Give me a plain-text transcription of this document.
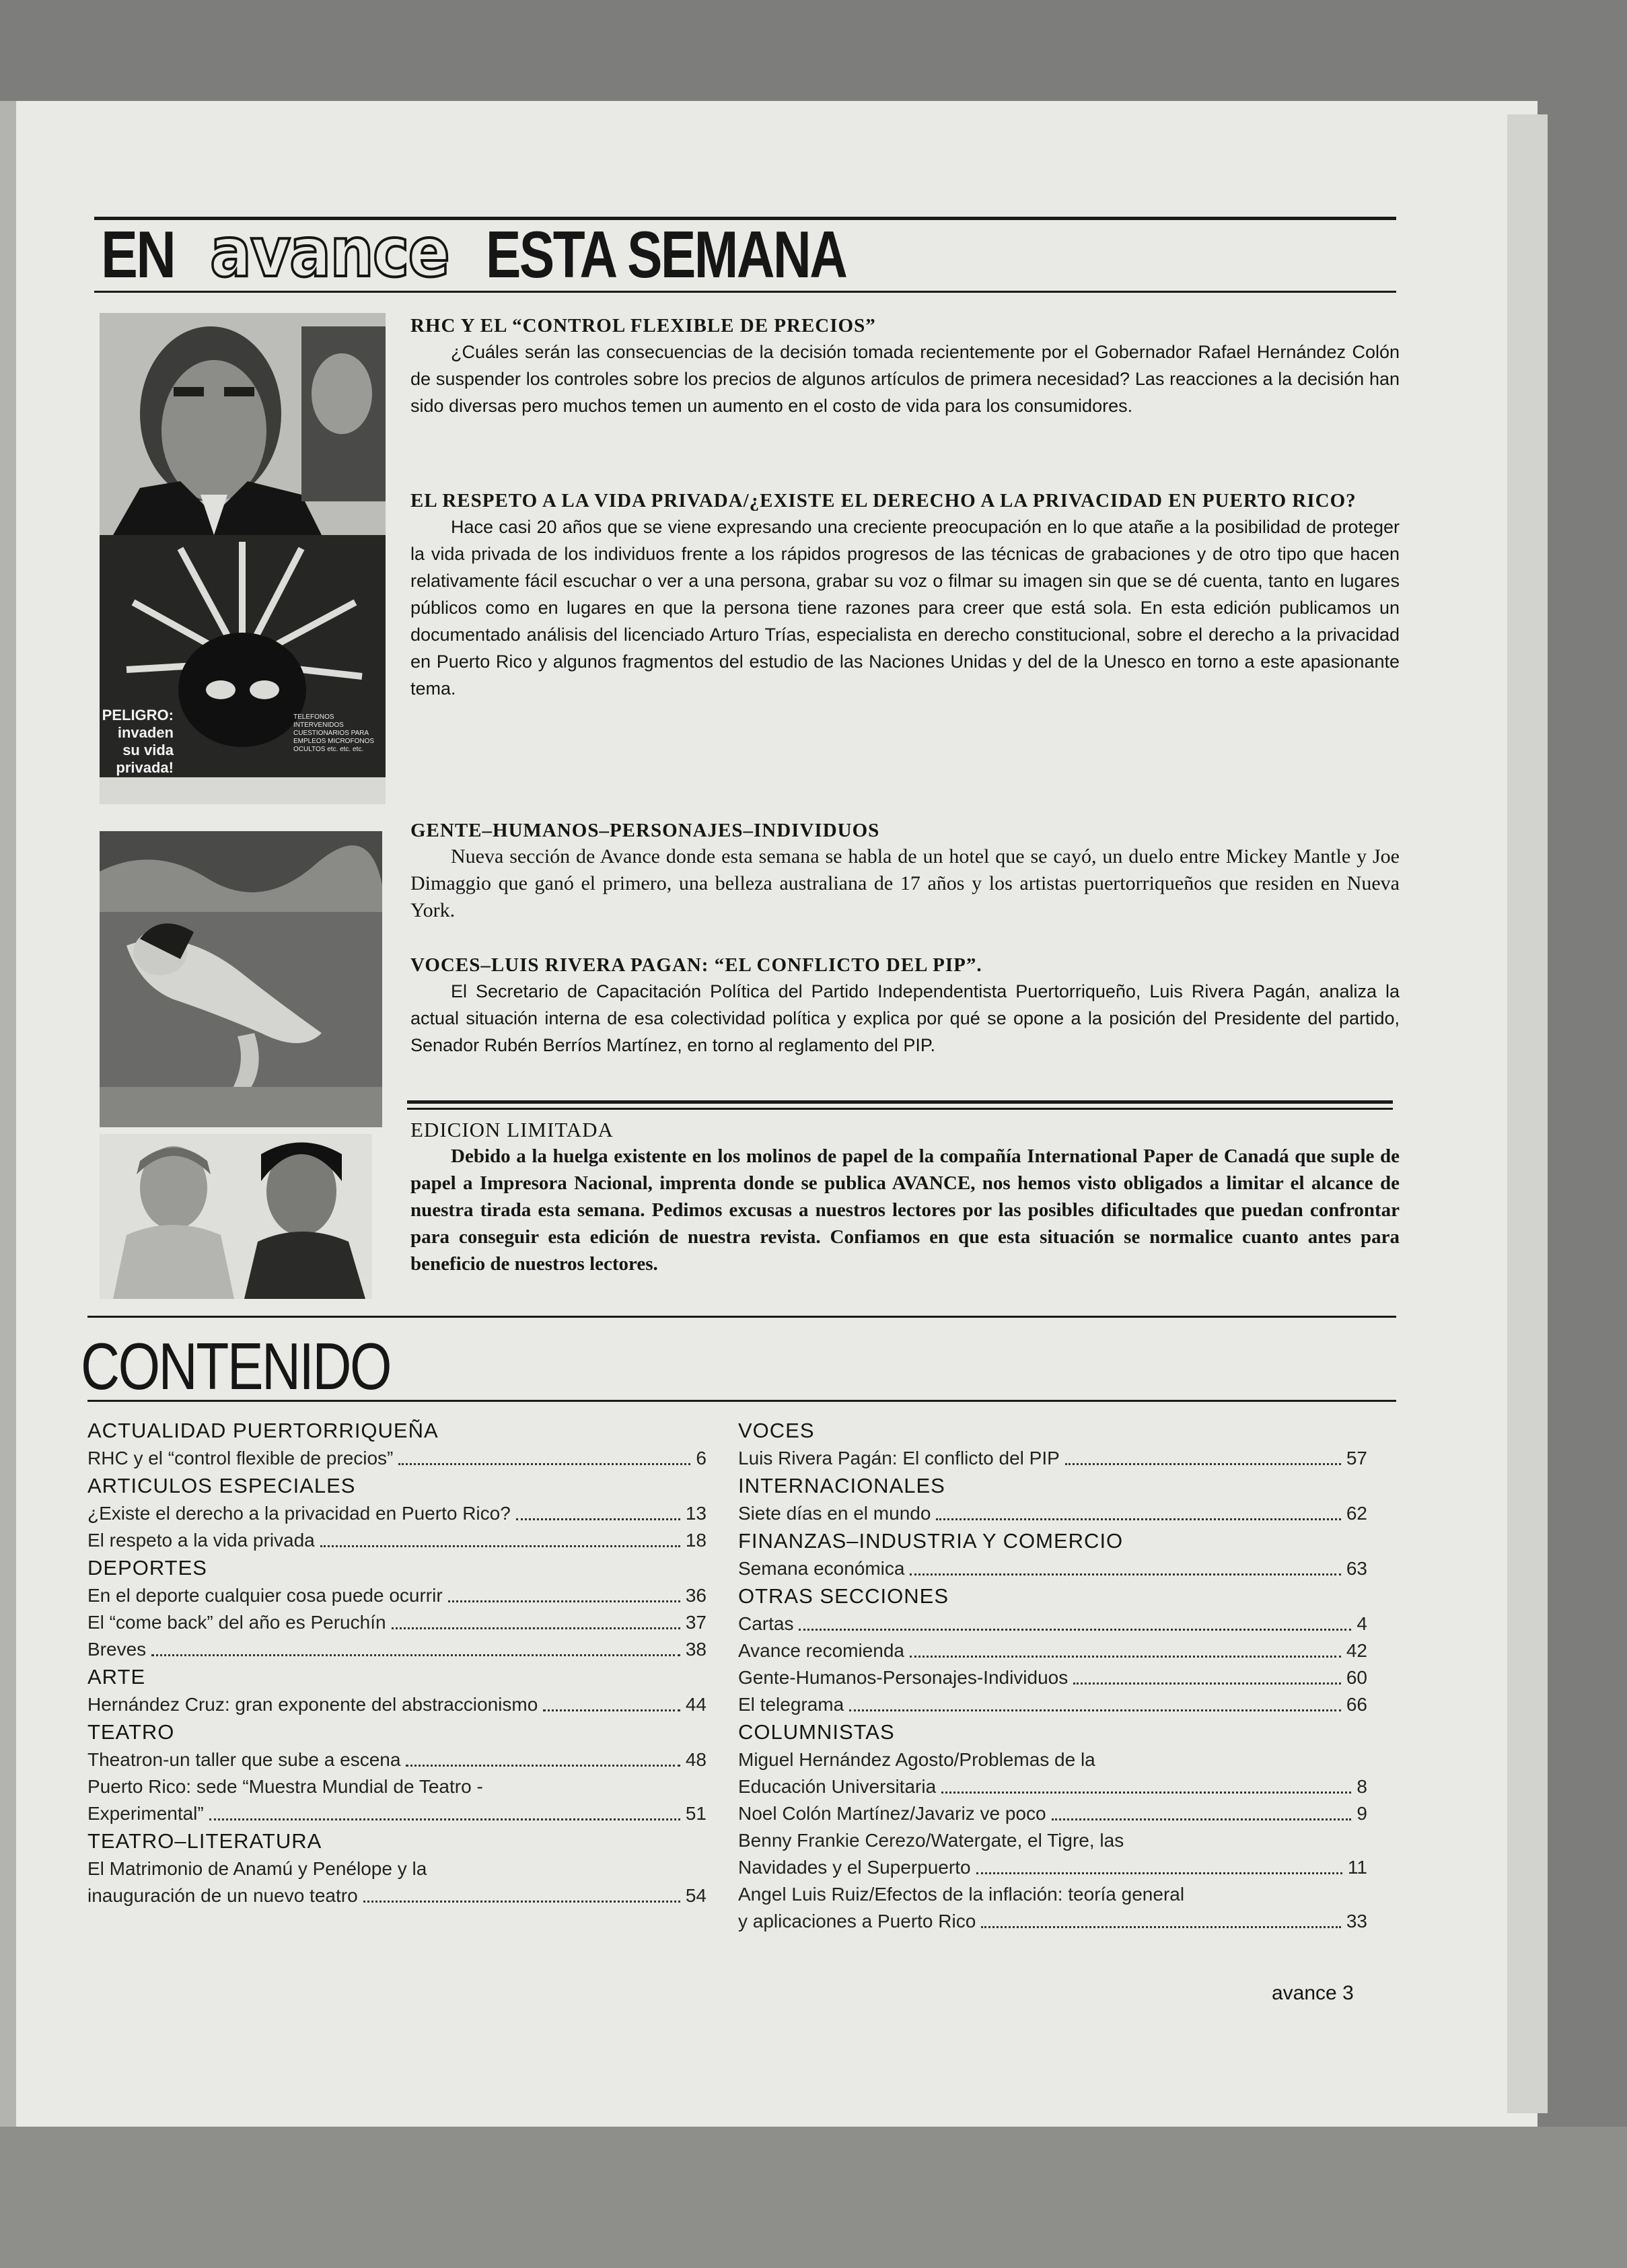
EN avance ESTA SEMANA
PELIGRO: invaden su vida privada!
TELEFONOS INTERVENIDOS CUESTIONARIOS PARA EMPLEOS MICROFONOS OCULTOS etc. etc. etc.
RHC Y EL “CONTROL FLEXIBLE DE PRECIOS”
¿Cuáles serán las consecuencias de la decisión tomada recientemente por el Gobernador Rafael Hernández Colón de suspender los controles sobre los precios de algunos artículos de primera necesidad? Las reacciones a la decisión han sido diversas pero muchos temen un aumento en el costo de vida para los consumidores.
EL RESPETO A LA VIDA PRIVADA/¿EXISTE EL DERECHO A LA PRIVACIDAD EN PUERTO RICO?
Hace casi 20 años que se viene expresando una creciente preocupación en lo que atañe a la posibilidad de proteger la vida privada de los individuos frente a los rápidos progresos de las técnicas de grabaciones y de otro tipo que hacen relativamente fácil escuchar o ver a una persona, grabar su voz o filmar su imagen sin que se dé cuenta, tanto en lugares públicos como en lugares en que la persona tiene razones para creer que está sola. En esta edición publicamos un documentado análisis del licenciado Arturo Trías, especialista en derecho constitucional, sobre el derecho a la privacidad en Puerto Rico y algunos fragmentos del estudio de las Naciones Unidas y del de la Unesco en torno a este apasionante tema.
GENTE–HUMANOS–PERSONAJES–INDIVIDUOS
Nueva sección de Avance donde esta semana se habla de un hotel que se cayó, un duelo entre Mickey Mantle y Joe Dimaggio que ganó el primero, una belleza australiana de 17 años y los artistas puertorriqueños que residen en Nueva York.
VOCES–LUIS RIVERA PAGAN: “EL CONFLICTO DEL PIP”.
El Secretario de Capacitación Política del Partido Independentista Puertorriqueño, Luis Rivera Pagán, analiza la actual situación interna de esa colectividad política y explica por qué se opone a la posición del Presidente del partido, Senador Rubén Berríos Martínez, en torno al reglamento del PIP.
EDICION LIMITADA
Debido a la huelga existente en los molinos de papel de la compañía International Paper de Canadá que suple de papel a Impresora Nacional, imprenta donde se publica AVANCE, nos hemos visto obligados a limitar el alcance de nuestra tirada esta semana. Pedimos excusas a nuestros lectores por las posibles dificultades que puedan confrontar para conseguir esta edición de nuestra revista. Confiamos en que esta situación se normalice cuanto antes para beneficio de nuestros lectores.
CONTENIDO
ACTUALIDAD PUERTORRIQUEÑA
RHC y el “control flexible de precios”	6
ARTICULOS ESPECIALES
¿Existe el derecho a la privacidad en Puerto Rico?	13
El respeto a la vida privada	18
DEPORTES
En el deporte cualquier cosa puede ocurrir	36
El “come back” del año es Peruchín	37
Breves	38
ARTE
Hernández Cruz: gran exponente del abstraccionismo	44
TEATRO
Theatron-un taller que sube a escena	48
Puerto Rico: sede “Muestra Mundial de Teatro -
Experimental”	51
TEATRO–LITERATURA
El Matrimonio de Anamú y Penélope y la
inauguración de un nuevo teatro	54
VOCES
Luis Rivera Pagán: El conflicto del PIP	57
INTERNACIONALES
Siete días en el mundo	62
FINANZAS–INDUSTRIA Y COMERCIO
Semana económica	63
OTRAS SECCIONES
Cartas	4
Avance recomienda	42
Gente-Humanos-Personajes-Individuos	60
El telegrama	66
COLUMNISTAS
Miguel Hernández Agosto/Problemas de la
Educación Universitaria	8
Noel Colón Martínez/Javariz ve poco	9
Benny Frankie Cerezo/Watergate, el Tigre, las
Navidades y el Superpuerto	11
Angel Luis Ruiz/Efectos de la inflación: teoría general
y aplicaciones a Puerto Rico	33
avance 3
